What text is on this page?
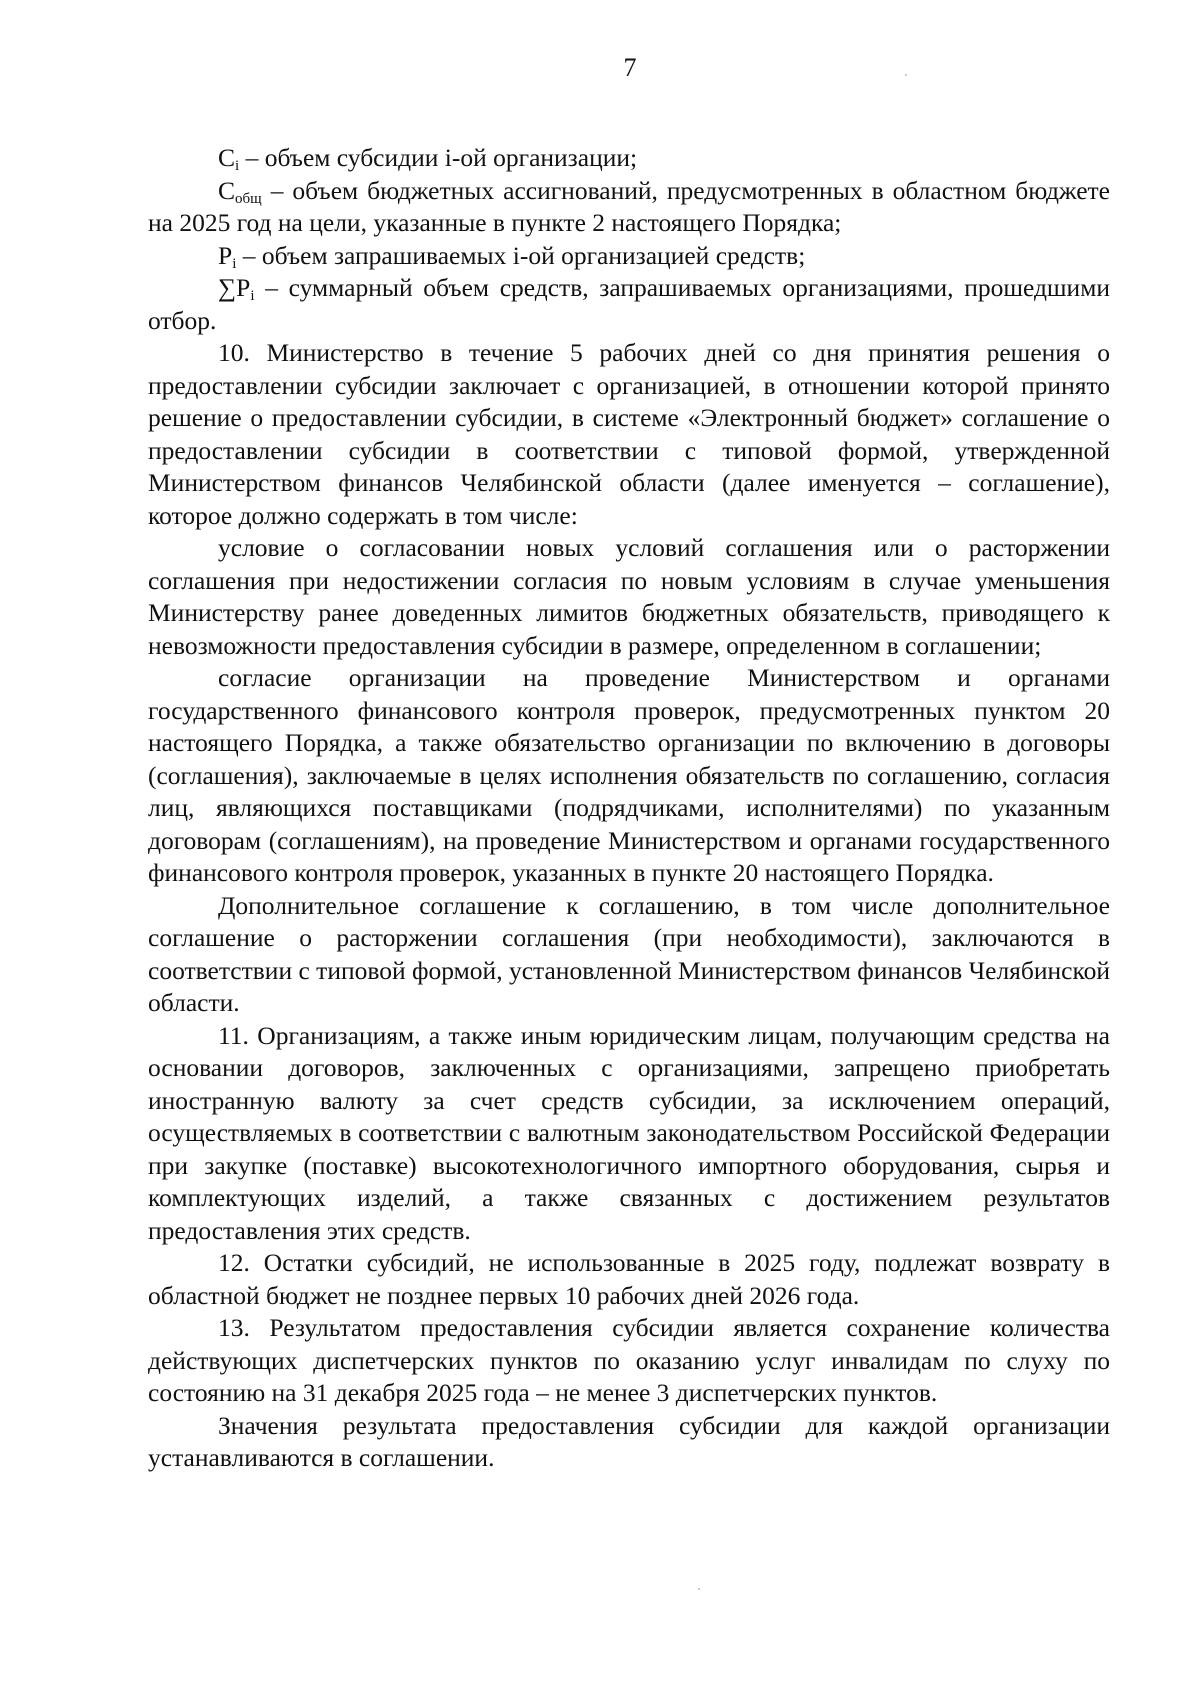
7

$C_i$ – объем субсидии i-ой организации;

$C_{общ}$ – объем бюджетных ассигнований, предусмотренных в областном бюджете на 2025 год на цели, указанные в пункте 2 настоящего Порядка;

$P_i$ – объем запрашиваемых i-ой организацией средств;

$\sum P_i$ – суммарный объем средств, запрашиваемых организациями, прошедшими отбор.

10. Министерство в течение 5 рабочих дней со дня принятия решения о предоставлении субсидии заключает с организацией, в отношении которой принято решение о предоставлении субсидии, в системе «Электронный бюджет» соглашение о предоставлении субсидии в соответствии с типовой формой, утвержденной Министерством финансов Челябинской области (далее именуется – соглашение), которое должно содержать в том числе:

условие о согласовании новых условий соглашения или о расторжении соглашения при недостижении согласия по новым условиям в случае уменьшения Министерству ранее доведенных лимитов бюджетных обязательств, приводящего к невозможности предоставления субсидии в размере, определенном в соглашении;

согласие организации на проведение Министерством и органами государственного финансового контроля проверок, предусмотренных пунктом 20 настоящего Порядка, а также обязательство организации по включению в договоры (соглашения), заключаемые в целях исполнения обязательств по соглашению, согласия лиц, являющихся поставщиками (подрядчиками, исполнителями) по указанным договорам (соглашениям), на проведение Министерством и органами государственного финансового контроля проверок, указанных в пункте 20 настоящего Порядка.

Дополнительное соглашение к соглашению, в том числе дополнительное соглашение о расторжении соглашения (при необходимости), заключаются в соответствии с типовой формой, установленной Министерством финансов Челябинской области.

11. Организациям, а также иным юридическим лицам, получающим средства на основании договоров, заключенных с организациями, запрещено приобретать иностранную валюту за счет средств субсидии, за исключением операций, осуществляемых в соответствии с валютным законодательством Российской Федерации при закупке (поставке) высокотехнологичного импортного оборудования, сырья и комплектующих изделий, а также связанных с достижением результатов предоставления этих средств.

12. Остатки субсидий, не использованные в 2025 году, подлежат возврату в областной бюджет не позднее первых 10 рабочих дней 2026 года.

13. Результатом предоставления субсидии является сохранение количества действующих диспетчерских пунктов по оказанию услуг инвалидам по слуху по состоянию на 31 декабря 2025 года – не менее 3 диспетчерских пунктов.

Значения результата предоставления субсидии для каждой организации устанавливаются в соглашении.
